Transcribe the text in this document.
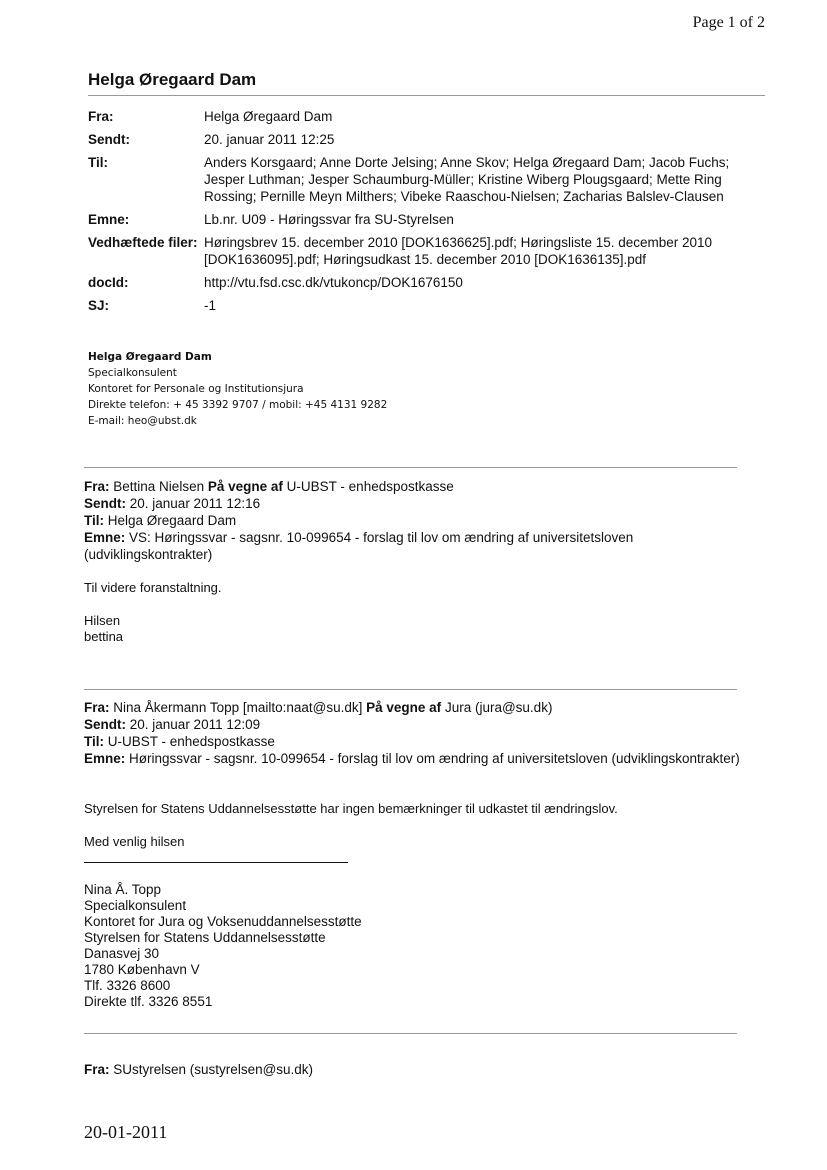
Page 1 of 2
Helga Øregaard Dam
Fra:	Helga Øregaard Dam
Sendt:	20. januar 2011 12:25
Til:	Anders Korsgaard; Anne Dorte Jelsing; Anne Skov; Helga Øregaard Dam; Jacob Fuchs; Jesper Luthman; Jesper Schaumburg-Müller; Kristine Wiberg Plougsgaard; Mette Ring Rossing; Pernille Meyn Milthers; Vibeke Raaschou-Nielsen; Zacharias Balslev-Clausen
Emne:	Lb.nr. U09 - Høringssvar fra SU-Styrelsen
Vedhæftede filer: Høringsbrev 15. december 2010 [DOK1636625].pdf; Høringsliste 15. december 2010 [DOK1636095].pdf; Høringsudkast 15. december 2010 [DOK1636135].pdf
docId:	http://vtu.fsd.csc.dk/vtukoncp/DOK1676150
SJ:	-1
Helga Øregaard Dam
Specialkonsulent
Kontoret for Personale og Institutionsjura
Direkte telefon: + 45 3392 9707 / mobil: +45 4131 9282
E-mail: heo@ubst.dk
Fra: Bettina Nielsen På vegne af U-UBST - enhedspostkasse
Sendt: 20. januar 2011 12:16
Til: Helga Øregaard Dam
Emne: VS: Høringssvar - sagsnr. 10-099654 - forslag til lov om ændring af universitetsloven (udviklingskontrakter)
Til videre foranstaltning.
Hilsen
bettina
Fra: Nina Åkermann Topp [mailto:naat@su.dk] På vegne af Jura (jura@su.dk)
Sendt: 20. januar 2011 12:09
Til: U-UBST - enhedspostkasse
Emne: Høringssvar - sagsnr. 10-099654 - forslag til lov om ændring af universitetsloven (udviklingskontrakter)
Styrelsen for Statens Uddannelsesstøtte har ingen bemærkninger til udkastet til ændringslov.
Med venlig hilsen
Nina Å. Topp
Specialkonsulent
Kontoret for Jura og Voksenuddannelsesstøtte
Styrelsen for Statens Uddannelsesstøtte
Danasvej 30
1780 København V
Tlf. 3326 8600
Direkte tlf. 3326 8551
Fra: SUstyrelsen (sustyrelsen@su.dk)
20-01-2011
